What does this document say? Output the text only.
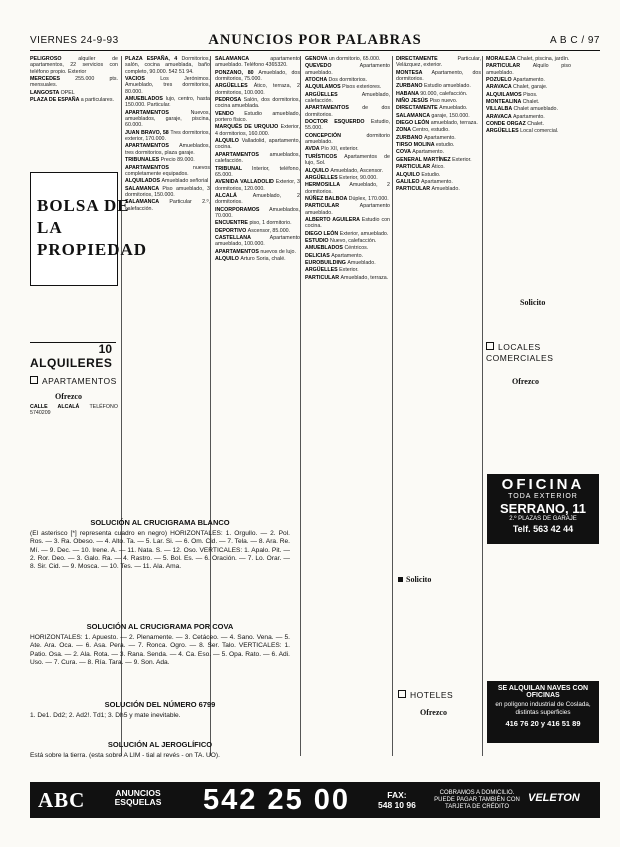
VIERNES 24-9-93	ANUNCIOS POR PALABRAS	A B C / 97

PELIGROSO alquiler de apartamentos, 22 servicios con teléfono propio. Exterior

MERCEDES 255.000 pts. mensuales.

LANGOSTA OPEL

PLAZA DE ESPAÑA a particulares.

BOLSA DE LA PROPIEDAD
10
ALQUILERES
APARTAMENTOS
Ofrezco

CALLE ALCALÁ TELÉFONO 5740209

PLAZA ESPAÑA, 4 Dormitorios, salón, cocina amueblada, baño completo, 90.000. 542 51 94.

VACIOS Los Jerónimos. Amueblado, tres dormitorios, 80.000.

AMUEBLADOS lujo, centro, hasta 150.000. Particular.

APARTAMENTOS Nuevos, amueblados, garaje, piscina, 60.000.

JUAN BRAVO, 58 Tres dormitorios, exterior, 170.000.

APARTAMENTOS Amueblados, tres dormitorios, plaza garaje.

TRIBUNALES Precio 89.000.

APARTAMENTOS nuevos completamente equipados.

ALQUILADOS Amueblado señorial

SALAMANCA Piso amueblado, 3 dormitorios, 150.000.

SALAMANCA Particular 2.º, calefacción.

SALAMANCA apartamento amueblado. Teléfono 4365320.

PONZANO, 80 Amueblado, dos dormitorios, 75.000.

ARGÜELLES Ático, terraza, 2 dormitorios, 100.000.

PEDROSA Salón, dos dormitorios, cocina amueblada.

VENDO Estudio amueblado, portero físico.

MARQUÉS DE URQUIJO Exterior, 4 dormitorios, 160.000.

ALQUILO Valladolid, apartamento, cocina.

APARTAMENTOS amueblados, calefacción.

TRIBUNAL Interior, teléfono, 65.000.

AVENIDA VALLADOLID Exterior, 3 dormitorios, 120.000.

ALCALÁ Amueblado, 2 dormitorios.

INCORPORAMOS Amueblados, 70.000.

ENCUENTRE piso, 1 dormitorio.

DEPORTIVO Ascensor, 85.000.

CASTELLANA Apartamento amueblado, 100.000.

APARTAMENTOS nuevos de lujo.

ALQUILO Arturo Soria, chalé.

GENOVA un dormitorio, 65.000.

QUEVEDO Apartamento amueblado.

ATOCHA Dos dormitorios.

ALQUILAMOS Pisos exteriores.

ARGÜELLES Amueblado, calefacción.

APARTAMENTOS de dos dormitorios.

DOCTOR ESQUERDO Estudio, 55.000.

CONCEPCIÓN dormitorio amueblado.

AVDA Pío XII, exterior.

TURÍSTICOS Apartamentos de lujo, Sol.

ALQUILO Amueblado, Ascensor.

ARGÜELLES Exterior, 90.000.

HERMOSILLA Amueblado, 2 dormitorios.

NÚÑEZ BALBOA Dúplex, 170.000.

PARTICULAR Apartamento amueblado.

ALBERTO AGUILERA Estudio con cocina.

DIEGO LEÓN Exterior, amueblado.

ESTUDIO Nuevo, calefacción.

AMUEBLADOS Céntricos.

DELICIAS Apartamento.

EUROBUILDING Amueblado.

ARGÜELLES Exterior.

PARTICULAR Amueblado, terraza.

DIRECTAMENTE Particular, Velázquez, exterior.

MONTESA Apartamento, dos dormitorios.

ZURBANO Estudio amueblado.

HABANA 90.000, calefacción.

NIÑO JESÚS Piso nuevo.

DIRECTAMENTE Amueblado.

SALAMANCA garaje, 150.000.

DIEGO LEÓN amueblado, terraza.

ZONA Centro, estudio.

ZURBANO Apartamento.

TIRSO MOLINA estudio.

COVA Apartamento.

GENERAL MARTÍNEZ Exterior.

PARTICULAR Ático.

ALQUILO Estudio.

GALILEO Apartamento.

PARTICULAR Amueblado.

MORALEJA Chalet, piscina, jardín.

PARTICULAR Alquilo piso amueblado.

POZUELO Apartamento.

ARAVACA Chalet, garaje.

ALQUILAMOS Pisos.

MONTEALINA Chalet.

VILLALBA Chalet amueblado.

ARAVACA Apartamento.

CONDE ORGAZ Chalet.

ARGÜELLES Local comercial.

Solicito
LOCALES COMERCIALES
Ofrezco
OFICINA
TODA EXTERIOR
SERRANO, 11
2.º PLAZAS DE GARAJE
Telf. 563 42 44
SE ALQUILAN NAVES CON OFICINAS
en polígono industrial de Coslada, distintas superficies
416 76 20 y 416 51 89
Solicito
HOTELES
Ofrezco
SOLUCIÓN AL CRUCIGRAMA BLANCO
(El asterisco [*] representa cuadro en negro) HORIZONTALES: 1. Orgullo. — 2. Pol. Ros. — 3. Ra. Obeso. — 4. Alto. Ta. — 5. Lar. Si. — 6. Om. Cid. — 7. Tela. — 8. Ara. Re. Mí. — 9. Dec. — 10. Irene. A. — 11. Nata. S. — 12. Oso. VERTICALES: 1. Apalo. Pit. — 2. Ror. Deo. — 3. Galo. Ra. — 4. Rastro. — 5. Bol. Es. — 6. Oración. — 7. Lo. Orar. — 8. Sir. Cid. — 9. Mosca. — 10. Tes. — 11. Ala. Ama.
SOLUCIÓN AL CRUCIGRAMA POR COVA
HORIZONTALES: 1. Apuesto. — 2. Plenamente. — 3. Cetáceo. — 4. Sano. Vena. — 5. Ate. Ara. Oca. — 6. Asa. Pera. — 7. Ronca. Ogro. — 8. Ser. Talo. VERTICALES: 1. Patio. Osa. — 2. Ala. Rota. — 3. Rana. Senda. — 4. Ca. Eso. — 5. Opa. Rato. — 6. Adi. Uso. — 7. Cura. — 8. Ría. Tara. — 9. Son. Ada.
SOLUCIÓN DEL NÚMERO 6799
1. De1. Dd2; 2. Ad2!. Td1; 3. Dh5 y mate inevitable.
SOLUCIÓN AL JEROGLÍFICO
Está sobre la tierra. (esta sobre A LIM - tial al revés - on TA. UO).
ABC	ANUNCIOS ESQUELAS 542 25 00	FAX:
548 10 96
COBRAMOS A DOMICILIO. PUEDE PAGAR TAMBIÉN CON TARJETA DE CRÉDITO
VELETON
